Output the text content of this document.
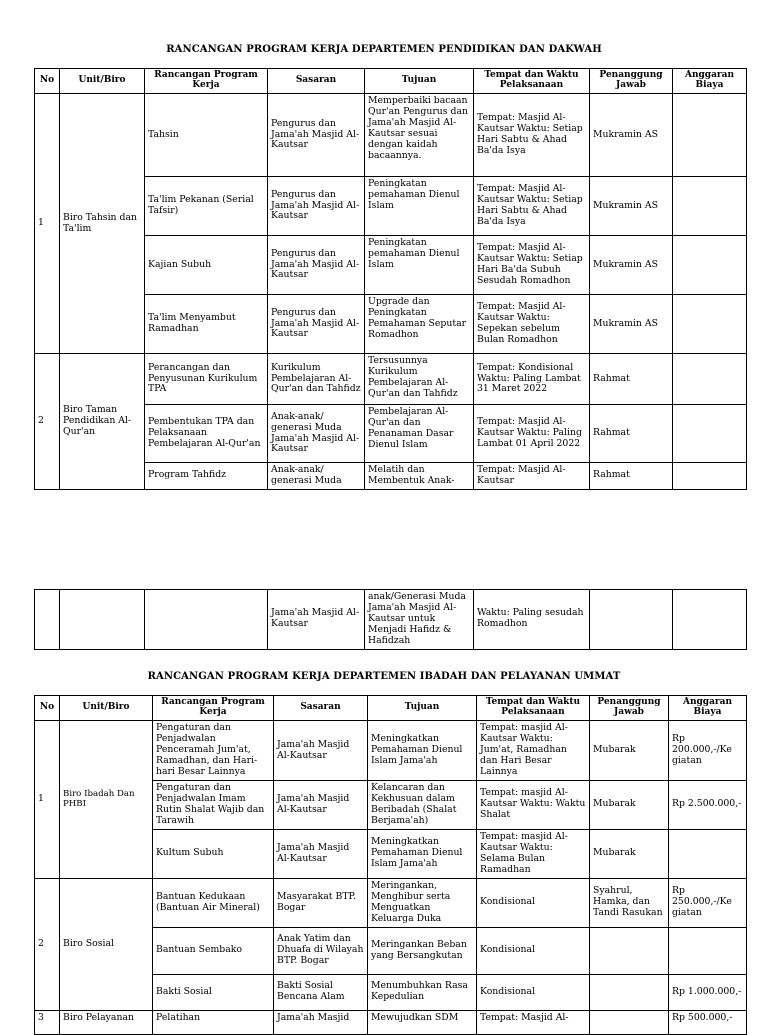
RANCANGAN PROGRAM KERJA DEPARTEMEN PENDIDIKAN DAN DAKWAH
No	Unit/Biro	Rancangan Program Kerja	Sasaran	Tujuan	Tempat dan Waktu Pelaksanaan	Penanggung Jawab	Anggaran Biaya
1	Biro Tahsin dan Ta'lim	Tahsin	Pengurus dan Jama'ah Masjid Al-Kautsar	Memperbaiki bacaan Qur'an Pengurus dan Jama'ah Masjid Al-Kautsar sesuai dengan kaidah bacaannya.	Tempat: Masjid Al-Kautsar Waktu: Setiap Hari Sabtu & Ahad Ba'da Isya	Mukramin AS	
		Ta'lim Pekanan (Serial Tafsir)	Pengurus dan Jama'ah Masjid Al-Kautsar	Peningkatan pemahaman Dienul Islam	Tempat: Masjid Al-Kautsar Waktu: Setiap Hari Sabtu & Ahad Ba'da Isya	Mukramin AS	
		Kajian Subuh	Pengurus dan Jama'ah Masjid Al-Kautsar	Peningkatan pemahaman Dienul Islam	Tempat: Masjid Al-Kautsar Waktu: Setiap Hari Ba'da Subuh Sesudah Romadhon	Mukramin AS	
		Ta'lim Menyambut Ramadhan	Pengurus dan Jama'ah Masjid Al-Kautsar	Upgrade dan Peningkatan Pemahaman Seputar Romadhon	Tempat: Masjid Al-Kautsar Waktu: Sepekan sebelum Bulan Romadhon	Mukramin AS	
2	Biro Taman Pendidikan Al-Qur'an	Perancangan dan Penyusunan Kurikulum TPA	Kurikulum Pembelajaran Al-Qur'an dan Tahfidz	Tersusunnya Kurikulum Pembelajaran Al-Qur'an dan Tahfidz	Tempat: Kondisional Waktu: Paling Lambat 31 Maret 2022	Rahmat	
		Pembentukan TPA dan Pelaksanaan Pembelajaran Al-Qur'an	Anak-anak/ generasi Muda Jama'ah Masjid Al-Kautsar	Pembelajaran Al-Qur'an dan Penanaman Dasar Dienul Islam	Tempat: Masjid Al-Kautsar Waktu: Paling Lambat 01 April 2022	Rahmat	
		Program Tahfidz	Anak-anak/ generasi Muda	Melatih dan Membentuk Anak-	Tempat: Masjid Al-Kautsar	Rahmat	
			Jama'ah Masjid Al-Kautsar	anak/Generasi Muda Jama'ah Masjid Al-Kautsar untuk Menjadi Hafidz & Hafidzah	Waktu: Paling sesudah Romadhon		
RANCANGAN PROGRAM KERJA DEPARTEMEN IBADAH DAN PELAYANAN UMMAT
No	Unit/Biro	Rancangan Program Kerja	Sasaran	Tujuan	Tempat dan Waktu Pelaksanaan	Penanggung Jawab	Anggaran Biaya
1	Biro Ibadah Dan PHBI	Pengaturan dan Penjadwalan Penceramah Jum'at, Ramadhan, dan Hari-hari Besar Lainnya	Jama'ah Masjid Al-Kautsar	Meningkatkan Pemahaman Dienul Islam Jama'ah	Tempat: masjid Al-Kautsar Waktu: Jum'at, Ramadhan dan Hari Besar Lainnya	Mubarak	Rp 200.000,-/Ke giatan
		Pengaturan dan Penjadwalan Imam Rutin Shalat Wajib dan Tarawih	Jama'ah Masjid Al-Kautsar	Kelancaran dan Kekhusuan dalam Beribadah (Shalat Berjama'ah)	Tempat: masjid Al-Kautsar Waktu: Waktu Shalat	Mubarak	Rp 2.500.000,-
		Kultum Subuh	Jama'ah Masjid Al-Kautsar	Meningkatkan Pemahaman Dienul Islam Jama'ah	Tempat: masjid Al-Kautsar Waktu: Selama Bulan Ramadhan	Mubarak	
2	Biro Sosial	Bantuan Kedukaan (Bantuan Air Mineral)	Masyarakat BTP. Bogar	Meringankan, Menghibur serta Menguatkan Keluarga Duka	Kondisional	Syahrul, Hamka, dan Tandi Rasukan	Rp 250.000,-/Ke giatan
		Bantuan Sembako	Anak Yatim dan Dhuafa di Wilayah BTP. Bogar	Meringankan Beban yang Bersangkutan	Kondisional		
		Bakti Sosial	Bakti Sosial Bencana Alam	Menumbuhkan Rasa Kepedulian	Kondisional		Rp 1.000.000,-
3	Biro Pelayanan	Pelatihan	Jama'ah Masjid	Mewujudkan SDM	Tempat: Masjid Al-		Rp 500.000,-
